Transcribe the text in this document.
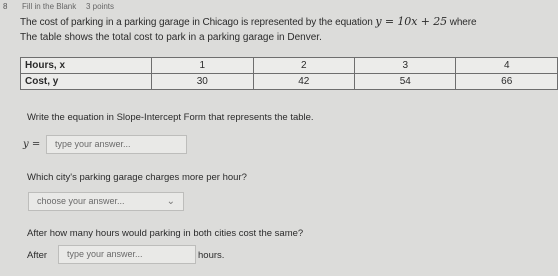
8 Fill in the Blank 3 points
The cost of parking in a parking garage in Chicago is represented by the equation y = 10x + 25 where
The table shows the total cost to park in a parking garage in Denver.
Hours, x	1	2	3	4
Cost, y	30	42	54	66
Write the equation in Slope-Intercept Form that represents the table.
y =	type your answer...
Which city's parking garage charges more per hour?
choose your answer...	⌄
After how many hours would parking in both cities cost the same?
After	type your answer...	hours.
